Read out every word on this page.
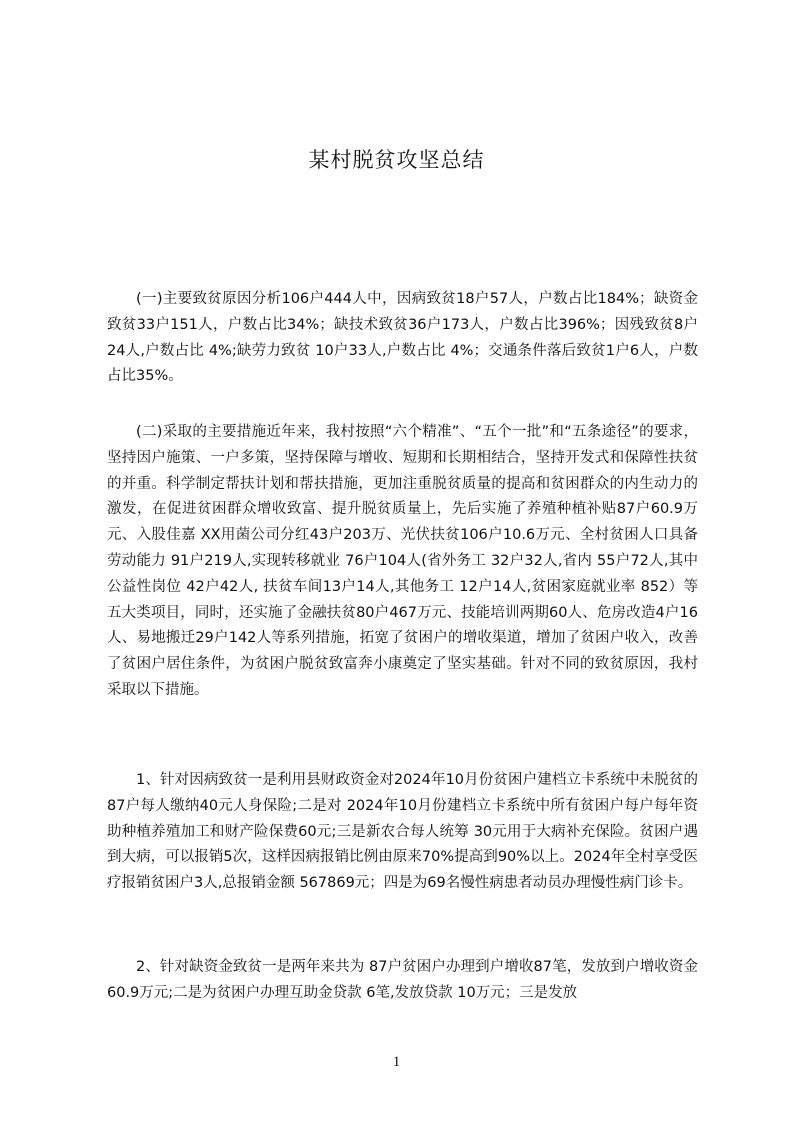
某村脱贫攻坚总结

(一)主要致贫原因分析106户444人中，因病致贫18户57人，户数占比184%；缺资金致贫33户151人，户数占比34%；缺技术致贫36户173人，户数占比396%；因残致贫8户24人,户数占比 4%;缺劳力致贫 10户33人,户数占比 4%；交通条件落后致贫1户6人，户数占比35%。

(二)采取的主要措施近年来，我村按照“六个精准”、“五个一批”和“五条途径”的要求，坚持因户施策、一户多策，坚持保障与增收、短期和长期相结合，坚持开发式和保障性扶贫的并重。科学制定帮扶计划和帮扶措施，更加注重脱贫质量的提高和贫困群众的内生动力的激发，在促进贫困群众增收致富、提升脱贫质量上，先后实施了养殖种植补贴87户60.9万元、入股佳嘉 XX用菌公司分红43户203万、光伏扶贫106户10.6万元、全村贫困人口具备劳动能力 91户219人,实现转移就业 76户104人(省外务工 32户32人,省内 55户72人,其中公益性岗位 42户42人, 扶贫车间13户14人,其他务工 12户14人,贫困家庭就业率 852）等五大类项目，同时，还实施了金融扶贫80户467万元、技能培训两期60人、危房改造4户16人、易地搬迁29户142人等系列措施，拓宽了贫困户的增收渠道，增加了贫困户收入，改善了贫困户居住条件，为贫困户脱贫致富奔小康奠定了坚实基础。针对不同的致贫原因，我村采取以下措施。

1、针对因病致贫一是利用县财政资金对2024年10月份贫困户建档立卡系统中未脱贫的87户每人缴纳40元人身保险;二是对 2024年10月份建档立卡系统中所有贫困户每户每年资助种植养殖加工和财产险保费60元;三是新农合每人统筹 30元用于大病补充保险。贫困户遇到大病，可以报销5次，这样因病报销比例由原来70%提高到90%以上。2024年全村享受医疗报销贫困户3人,总报销金额 567869元；四是为69名慢性病患者动员办理慢性病门诊卡。

2、针对缺资金致贫一是两年来共为 87户贫困户办理到户增收87笔，发放到户增收资金60.9万元;二是为贫困户办理互助金贷款 6笔,发放贷款 10万元；三是发放

1
